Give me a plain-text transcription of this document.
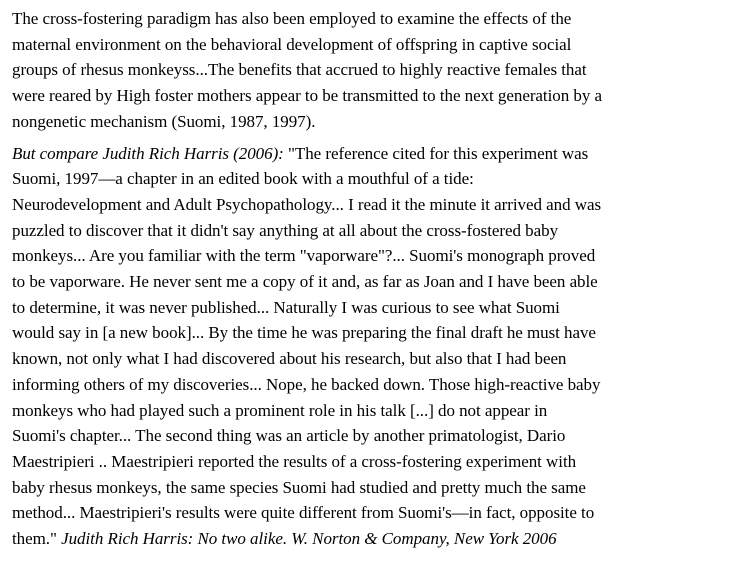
The cross-fostering paradigm has also been employed to examine the effects of the
maternal environment on the behavioral development of offspring in captive social
groups of rhesus monkeyss...The benefits that accrued to highly reactive females that
were reared by High foster mothers appear to be transmitted to the next generation by a
nongenetic mechanism (Suomi, 1987, 1997).

But compare Judith Rich Harris (2006): "The reference cited for this experiment was
Suomi, 1997—a chapter in an edited book with a mouthful of a tide:
Neurodevelopment and Adult Psychopathology... I read it the minute it arrived and was
puzzled to discover that it didn't say anything at all about the cross-fostered baby
monkeys... Are you familiar with the term "vaporware"?... Suomi's monograph proved
to be vaporware. He never sent me a copy of it and, as far as Joan and I have been able
to determine, it was never published... Naturally I was curious to see what Suomi
would say in [a new book]... By the time he was preparing the final draft he must have
known, not only what I had discovered about his research, but also that I had been
informing others of my discoveries... Nope, he backed down. Those high-reactive baby
monkeys who had played such a prominent role in his talk [...] do not appear in
Suomi's chapter... The second thing was an article by another primatologist, Dario
Maestripieri .. Maestripieri reported the results of a cross-fostering experiment with
baby rhesus monkeys, the same species Suomi had studied and pretty much the same
method... Maestripieri's results were quite different from Suomi's—in fact, opposite to
them." Judith Rich Harris: No two alike. W. Norton & Company, New York 2006
